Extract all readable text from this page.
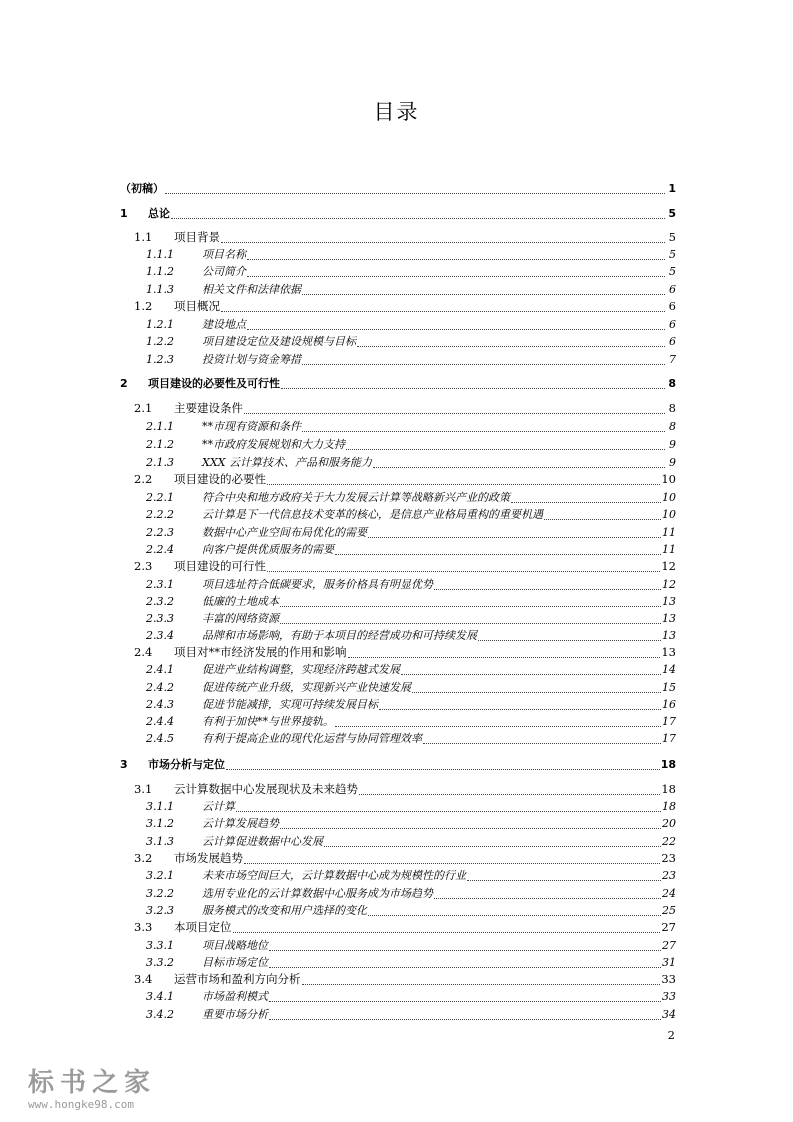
目录
（初稿）	1
1	总论	5
1.1	项目背景	5
1.1.1	项目名称	5
1.1.2	公司简介	5
1.1.3	相关文件和法律依据	6
1.2	项目概况	6
1.2.1	建设地点	6
1.2.2	项目建设定位及建设规模与目标	6
1.2.3	投资计划与资金筹措	7
2	项目建设的必要性及可行性	8
2.1	主要建设条件	8
2.1.1	**市现有资源和条件	8
2.1.2	**市政府发展规划和大力支持	9
2.1.3	XXX 云计算技术、产品和服务能力	9
2.2	项目建设的必要性	10
2.2.1	符合中央和地方政府关于大力发展云计算等战略新兴产业的政策	10
2.2.2	云计算是下一代信息技术变革的核心，是信息产业格局重构的重要机遇	10
2.2.3	数据中心产业空间布局优化的需要	11
2.2.4	向客户提供优质服务的需要	11
2.3	项目建设的可行性	12
2.3.1	项目选址符合低碳要求，服务价格具有明显优势	12
2.3.2	低廉的土地成本	13
2.3.3	丰富的网络资源	13
2.3.4	品牌和市场影响，有助于本项目的经营成功和可持续发展	13
2.4	项目对**市经济发展的作用和影响	13
2.4.1	促进产业结构调整，实现经济跨越式发展	14
2.4.2	促进传统产业升级，实现新兴产业快速发展	15
2.4.3	促进节能减排，实现可持续发展目标	16
2.4.4	有利于加快**与世界接轨。	17
2.4.5	有利于提高企业的现代化运营与协同管理效率	17
3	市场分析与定位	18
3.1	云计算数据中心发展现状及未来趋势	18
3.1.1	云计算	18
3.1.2	云计算发展趋势	20
3.1.3	云计算促进数据中心发展	22
3.2	市场发展趋势	23
3.2.1	未来市场空间巨大，云计算数据中心成为规模性的行业	23
3.2.2	选用专业化的云计算数据中心服务成为市场趋势	24
3.2.3	服务模式的改变和用户选择的变化	25
3.3	本项目定位	27
3.3.1	项目战略地位	27
3.3.2	目标市场定位	31
3.4	运营市场和盈利方向分析	33
3.4.1	市场盈利模式	33
3.4.2	重要市场分析	34
2
标书之家
www.hongke98.com
